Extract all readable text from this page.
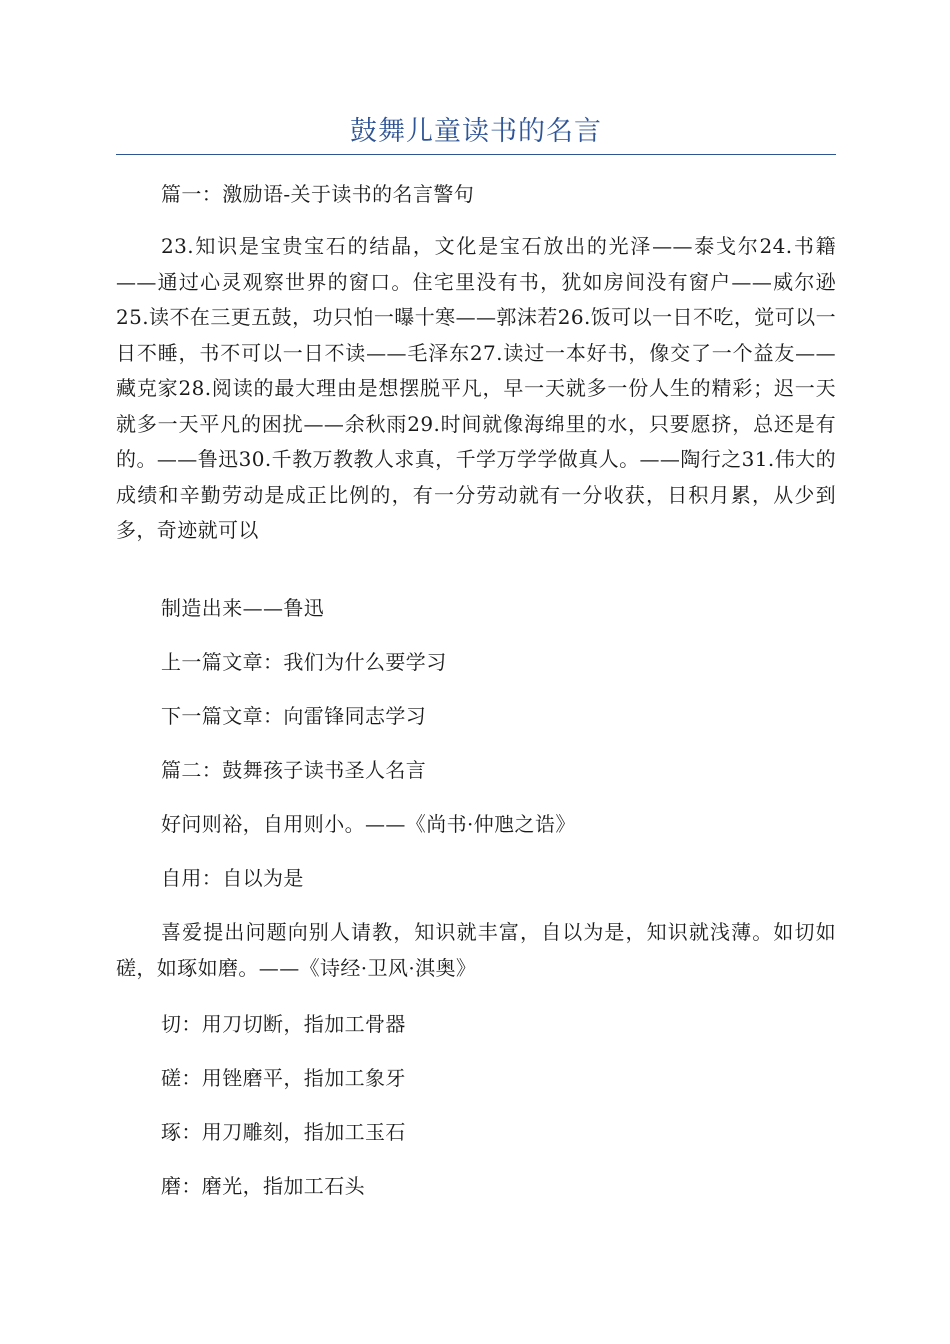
鼓舞儿童读书的名言

篇一：激励语-关于读书的名言警句

23.知识是宝贵宝石的结晶，文化是宝石放出的光泽——泰戈尔24.书籍——通过心灵观察世界的窗口。住宅里没有书，犹如房间没有窗户——威尔逊25.读不在三更五鼓，功只怕一曝十寒——郭沫若26.饭可以一日不吃，觉可以一日不睡，书不可以一日不读——毛泽东27.读过一本好书，像交了一个益友——藏克家28.阅读的最大理由是想摆脱平凡，早一天就多一份人生的精彩；迟一天就多一天平凡的困扰——余秋雨29.时间就像海绵里的水，只要愿挤，总还是有的。——鲁迅30.千教万教教人求真，千学万学学做真人。——陶行之31.伟大的成绩和辛勤劳动是成正比例的，有一分劳动就有一分收获，日积月累，从少到多，奇迹就可以

制造出来——鲁迅

上一篇文章：我们为什么要学习

下一篇文章：向雷锋同志学习

篇二：鼓舞孩子读书圣人名言

好问则裕，自用则小。——《尚书·仲虺之诰》

自用：自以为是

喜爱提出问题向别人请教，知识就丰富，自以为是，知识就浅薄。如切如磋，如琢如磨。——《诗经·卫风·淇奥》

切：用刀切断，指加工骨器

磋：用锉磨平，指加工象牙

琢：用刀雕刻，指加工玉石

磨：磨光，指加工石头
